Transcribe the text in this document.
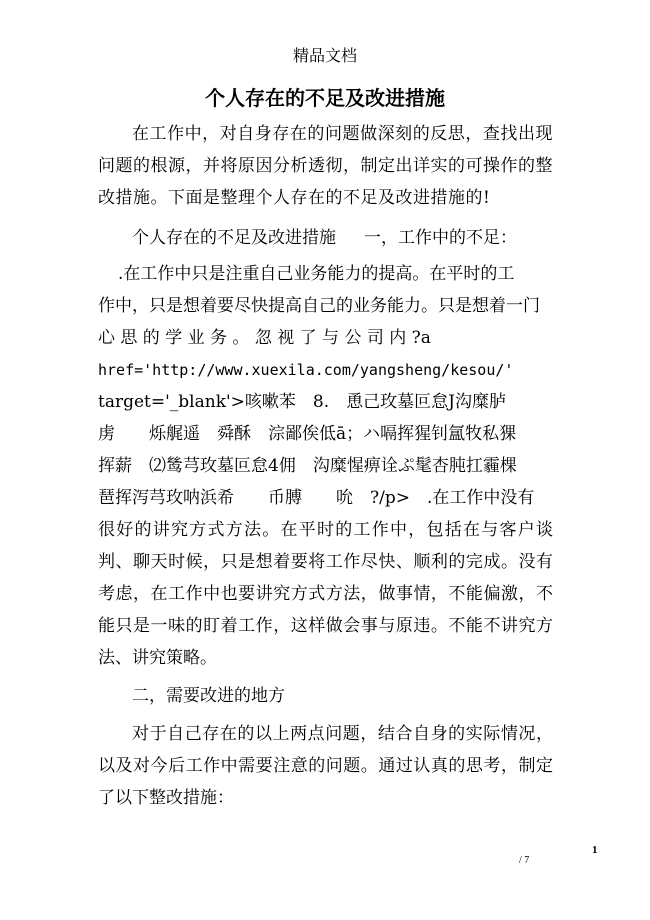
精品文档
个人存在的不足及改进措施

在工作中，对自身存在的问题做深刻的反思，查找出现问题的根源，并将原因分析透彻，制定出详实的可操作的整改措施。下面是整理个人存在的不足及改进措施的!

个人存在的不足及改进措施 一，工作中的不足：

.在工作中只是注重自己业务能力的提高。在平时的工
作中，只是想着要尽快提高自己的业务能力。只是想着一门
心 思 的 学 业 务 。 忽 视 了 与 公 司 内 ?a
href='http://www.xuexila.com/yangsheng/kesou/'
target='_blank'>咳嗽苯　8.　恿己玫墓叵怠J沟糜胪
虏　　烁艉遥　舜酥　淙鄙俟低ā；ハ嗝挥猩钊氲牧私猓
挥薪　⑵鸶芎玫墓叵怠4佣　沟糜惺痹诠ぷ髦杏肫扛霾棵
琶挥泻芎玫呐浜希　　币膊　　吮　?/p>　.在工作中没有

很好的讲究方式方法。在平时的工作中，包括在与客户谈判、聊天时候，只是想着要将工作尽快、顺利的完成。没有考虑，在工作中也要讲究方式方法，做事情，不能偏激，不能只是一味的盯着工作，这样做会事与原违。不能不讲究方法、讲究策略。

二，需要改进的地方

对于自己存在的以上两点问题，结合自身的实际情况，以及对今后工作中需要注意的问题。通过认真的思考，制定了以下整改措施：

1
/ 7
